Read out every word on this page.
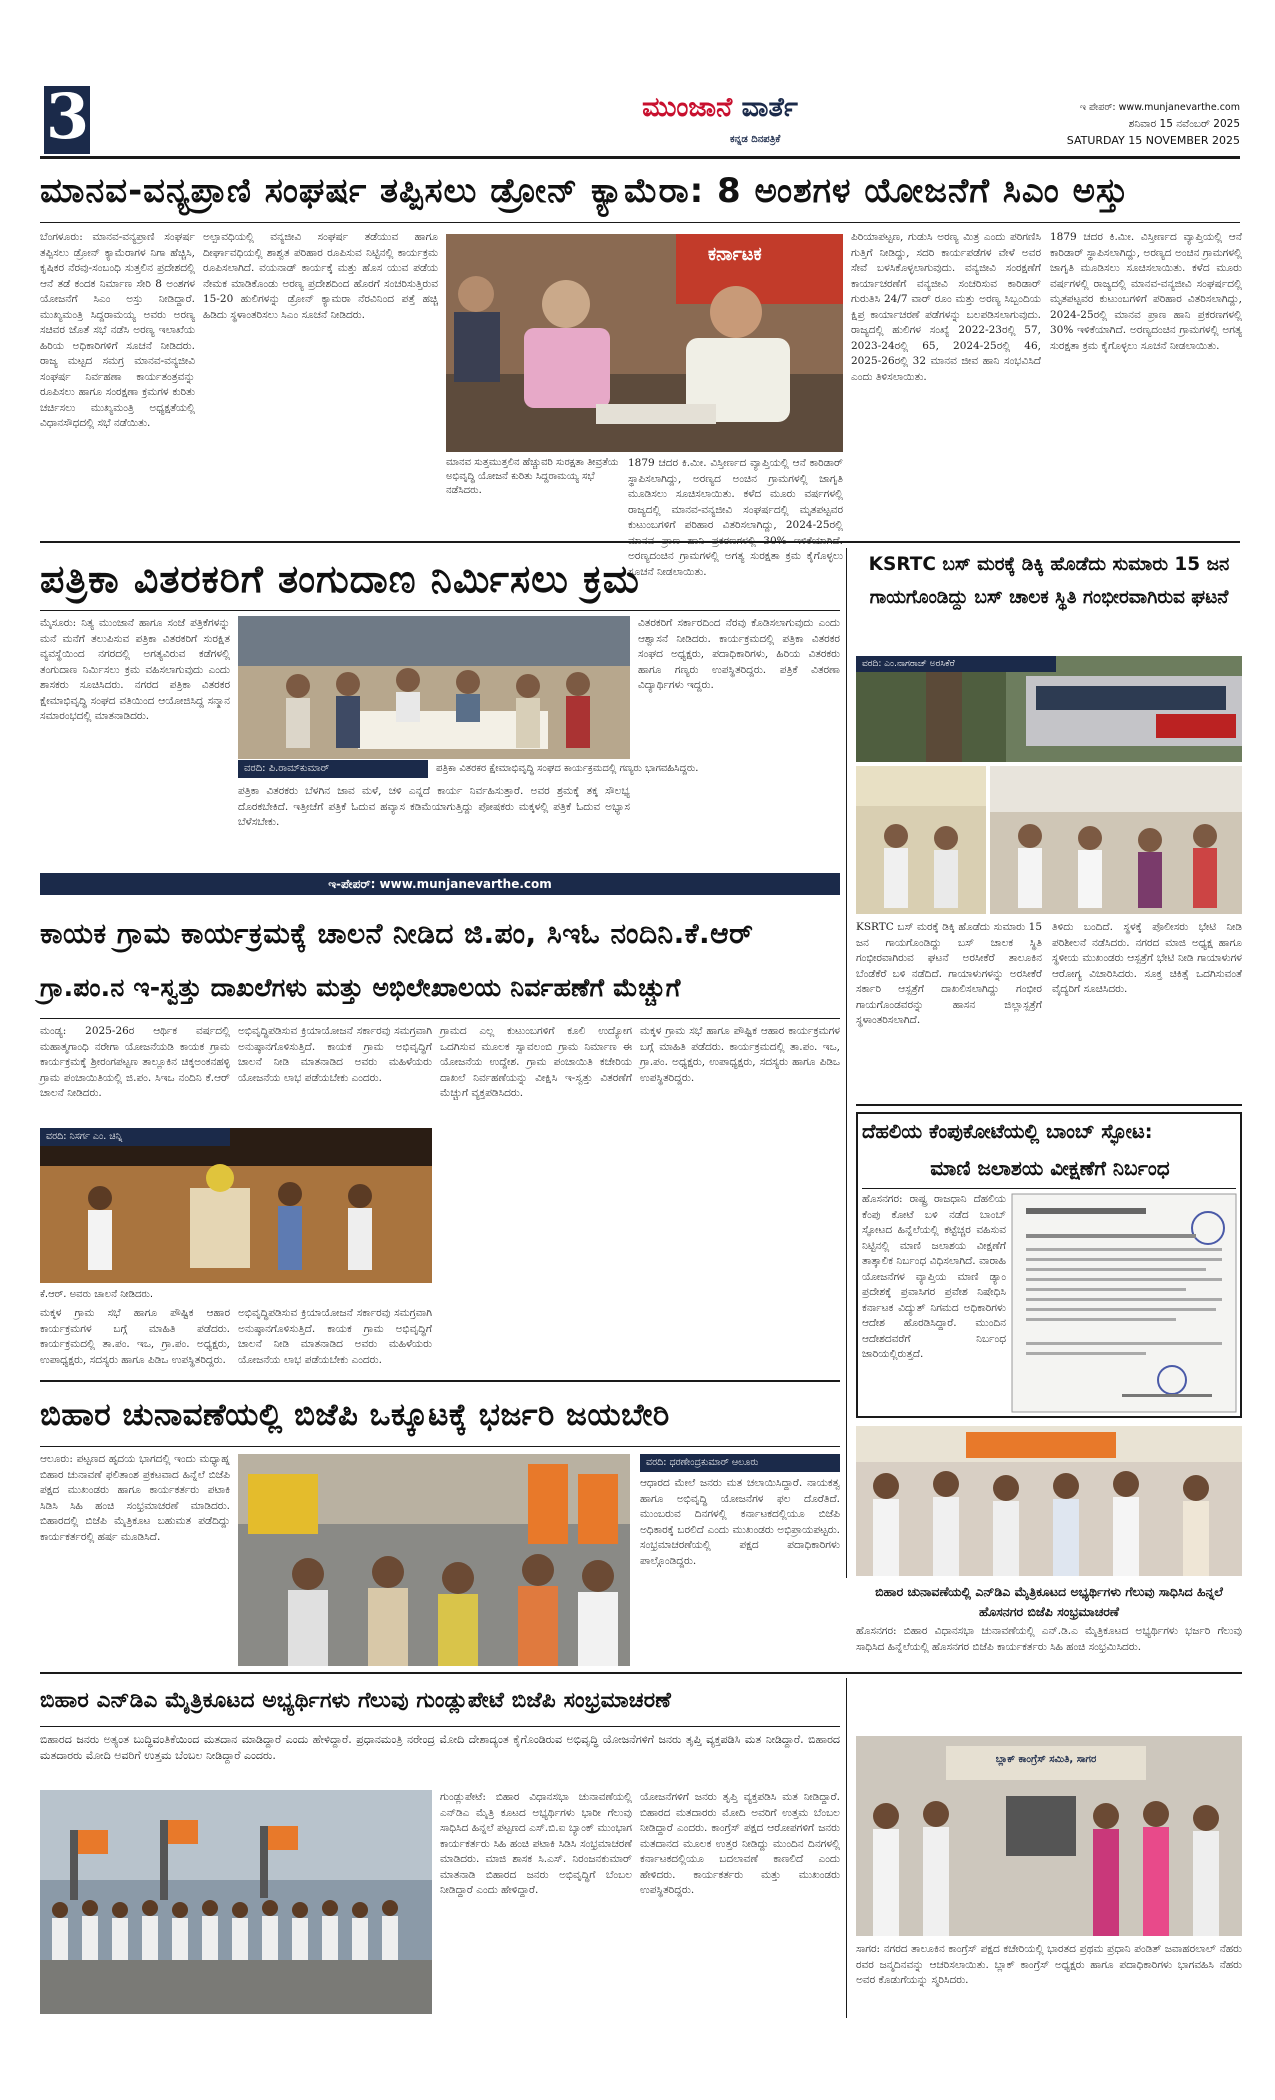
3	ಮುಂಜಾನೆ ವಾರ್ತೆ
ಕನ್ನಡ ದಿನಪತ್ರಿಕೆ
ಇ ಪೇಪರ್: www.munjanevarthe.com
ಶನಿವಾರ 15 ನವೆಂಬರ್ 2025
SATURDAY 15 NOVEMBER 2025
ಮಾನವ-ವನ್ಯಪ್ರಾಣಿ ಸಂಘರ್ಷ ತಪ್ಪಿಸಲು ಡ್ರೋನ್ ಕ್ಯಾಮೆರಾ: 8 ಅಂಶಗಳ ಯೋಜನೆಗೆ ಸಿಎಂ ಅಸ್ತು
ಬೆಂಗಳೂರು: ಮಾನವ-ವನ್ಯಪ್ರಾಣಿ ಸಂಘರ್ಷ ತಪ್ಪಿಸಲು ಡ್ರೋನ್ ಕ್ಯಾಮೆರಾಗಳ ನಿಗಾ ಹೆಚ್ಚಿಸಿ, ಕೃಷಿಕರ ನೆರವು-ಸಂಬಂಧಿ ಸುತ್ತಲಿನ ಪ್ರದೇಶದಲ್ಲಿ ಆನೆ ತಡೆ ಕಂದಕ ನಿರ್ಮಾಣ ಸೇರಿ 8 ಅಂಶಗಳ ಯೋಜನೆಗೆ ಸಿಎಂ ಅಸ್ತು ನೀಡಿದ್ದಾರೆ. ಮುಖ್ಯಮಂತ್ರಿ ಸಿದ್ದರಾಮಯ್ಯ ಅವರು ಅರಣ್ಯ ಸಚಿವರ ಜೊತೆ ಸಭೆ ನಡೆಸಿ ಅರಣ್ಯ ಇಲಾಖೆಯ ಹಿರಿಯ ಅಧಿಕಾರಿಗಳಿಗೆ ಸೂಚನೆ ನೀಡಿದರು. ರಾಜ್ಯ ಮಟ್ಟದ ಸಮಗ್ರ ಮಾನವ-ವನ್ಯಜೀವಿ ಸಂಘರ್ಷ ನಿರ್ವಹಣಾ ಕಾರ್ಯತಂತ್ರವನ್ನು ರೂಪಿಸಲು ಹಾಗೂ ಸಂರಕ್ಷಣಾ ಕ್ರಮಗಳ ಕುರಿತು ಚರ್ಚಿಸಲು ಮುಖ್ಯಮಂತ್ರಿ ಅಧ್ಯಕ್ಷತೆಯಲ್ಲಿ ವಿಧಾನಸೌಧದಲ್ಲಿ ಸಭೆ ನಡೆಯಿತು.
ಅಲ್ಪಾವಧಿಯಲ್ಲಿ ವನ್ಯಜೀವಿ ಸಂಘರ್ಷ ತಡೆಯುವ ಹಾಗೂ ದೀರ್ಘಾವಧಿಯಲ್ಲಿ ಶಾಶ್ವತ ಪರಿಹಾರ ರೂಪಿಸುವ ನಿಟ್ಟಿನಲ್ಲಿ ಕಾರ್ಯಕ್ರಮ ರೂಪಿಸಲಾಗಿದೆ. ವಯನಾಡ್ ಕಾರ್ಯಕ್ಕೆ ಮತ್ತು ಹೊಸ ಯುವ ಪಡೆಯ ನೇಮಕ ಮಾಡಿಕೊಂಡು ಅರಣ್ಯ ಪ್ರದೇಶದಿಂದ ಹೊರಗೆ ಸಂಚರಿಸುತ್ತಿರುವ 15-20 ಹುಲಿಗಳನ್ನು ಡ್ರೋನ್ ಕ್ಯಾಮರಾ ನೆರವಿನಿಂದ ಪತ್ತೆ ಹಚ್ಚಿ ಹಿಡಿದು ಸ್ಥಳಾಂತರಿಸಲು ಸಿಎಂ ಸೂಚನೆ ನೀಡಿದರು.
ಕರ್ನಾಟಕ
ಮಾನವ ಸುತ್ತಮುತ್ತಲಿನ ಹೆಚ್ಚುವರಿ ಸುರಕ್ಷತಾ ತೀವ್ರತೆಯ ಅಭಿವೃದ್ಧಿ ಯೋಜನೆ ಕುರಿತು ಸಿದ್ದರಾಮಯ್ಯ ಸಭೆ ನಡೆಸಿದರು.
1879 ಚದರ ಕಿ.ಮೀ. ವಿಸ್ತೀರ್ಣದ ವ್ಯಾಪ್ತಿಯಲ್ಲಿ ಆನೆ ಕಾರಿಡಾರ್ ಸ್ಥಾಪಿಸಲಾಗಿದ್ದು, ಅರಣ್ಯದ ಅಂಚಿನ ಗ್ರಾಮಗಳಲ್ಲಿ ಜಾಗೃತಿ ಮೂಡಿಸಲು ಸೂಚಿಸಲಾಯಿತು. ಕಳೆದ ಮೂರು ವರ್ಷಗಳಲ್ಲಿ ರಾಜ್ಯದಲ್ಲಿ ಮಾನವ-ವನ್ಯಜೀವಿ ಸಂಘರ್ಷದಲ್ಲಿ ಮೃತಪಟ್ಟವರ ಕುಟುಂಬಗಳಿಗೆ ಪರಿಹಾರ ವಿತರಿಸಲಾಗಿದ್ದು, 2024-25ರಲ್ಲಿ ಅರಣ್ಯದಂಚಿನ ಗ್ರಾಮಗಳಲ್ಲಿ ಅಗತ್ಯ ಸುರಕ್ಷತಾ ಕ್ರಮ ಕೈಗೊಳ್ಳಲು ಸೂಚನೆ ನೀಡಲಾಯಿತು.
ಪಿರಿಯಾಪಟ್ಟಣ, ಗುಡುಸಿ ಅರಣ್ಯ ಮಿತ್ರ ಎಂದು ಪರಿಗಣಿಸಿ ಗುತ್ತಿಗೆ ನೀಡಿದ್ದು, ಸದರಿ ಕಾರ್ಯಪಡೆಗಳ ವೇಳೆ ಅವರ ಸೇವೆ ಬಳಸಿಕೊಳ್ಳಲಾಗುವುದು. ವನ್ಯಜೀವಿ ಸಂರಕ್ಷಣೆಗೆ ಕಾರ್ಯಾಚರಣೆಗೆ ವನ್ಯಜೀವಿ ಸಂಚರಿಸುವ ಕಾರಿಡಾರ್ ಗುರುತಿಸಿ 24/7 ವಾರ್ ರೂಂ ಮತ್ತು ಅರಣ್ಯ ಸಿಬ್ಬಂದಿಯ ಕ್ಷಿಪ್ರ ಕಾರ್ಯಾಚರಣೆ ಪಡೆಗಳನ್ನು ಬಲಪಡಿಸಲಾಗುವುದು. ರಾಜ್ಯದಲ್ಲಿ ಹುಲಿಗಳ ಸಂಖ್ಯೆ 2022-23ರಲ್ಲಿ 57, 2023-24ರಲ್ಲಿ 65, 2024-25ರಲ್ಲಿ 46, 2025-26ರಲ್ಲಿ 32 ಮಾನವ ಜೀವ ಹಾನಿ ಸಂಭವಿಸಿದೆ ಎಂದು ತಿಳಿಸಲಾಯಿತು.
1879 ಚದರ ಕಿ.ಮೀ. ವಿಸ್ತೀರ್ಣದ ವ್ಯಾಪ್ತಿಯಲ್ಲಿ ಆನೆ ಕಾರಿಡಾರ್ ಸ್ಥಾಪಿಸಲಾಗಿದ್ದು, ಅರಣ್ಯದ ಅಂಚಿನ ಗ್ರಾಮಗಳಲ್ಲಿ ಜಾಗೃತಿ ಮೂಡಿಸಲು ಸೂಚಿಸಲಾಯಿತು. ಕಳೆದ ಮೂರು ವರ್ಷಗಳಲ್ಲಿ ರಾಜ್ಯದಲ್ಲಿ ಮಾನವ-ವನ್ಯಜೀವಿ ಸಂಘರ್ಷದಲ್ಲಿ ಮೃತಪಟ್ಟವರ ಕುಟುಂಬಗಳಿಗೆ ಪರಿಹಾರ ವಿತರಿಸಲಾಗಿದ್ದು, 2024-25ರಲ್ಲಿ ಮಾನವ ಪ್ರಾಣ ಹಾನಿ ಪ್ರಕರಣಗಳಲ್ಲಿ 30% ಇಳಿಕೆಯಾಗಿದೆ. ಅರಣ್ಯದಂಚಿನ ಗ್ರಾಮಗಳಲ್ಲಿ ಅಗತ್ಯ ಸುರಕ್ಷತಾ ಕ್ರಮ ಕೈಗೊಳ್ಳಲು ಸೂಚನೆ ನೀಡಲಾಯಿತು.
ಪತ್ರಿಕಾ ವಿತರಕರಿಗೆ ತಂಗುದಾಣ ನಿರ್ಮಿಸಲು ಕ್ರಮ
ಮೈಸೂರು: ನಿತ್ಯ ಮುಂಜಾನೆ ಹಾಗೂ ಸಂಜೆ ಪತ್ರಿಕೆಗಳನ್ನು ಮನೆ ಮನೆಗೆ ತಲುಪಿಸುವ ಪತ್ರಿಕಾ ವಿತರಕರಿಗೆ ಸುರಕ್ಷಿತ ವ್ಯವಸ್ಥೆಯಿಂದ ನಗರದಲ್ಲಿ ಅಗತ್ಯವಿರುವ ಕಡೆಗಳಲ್ಲಿ ತಂಗುದಾಣ ನಿರ್ಮಿಸಲು ಕ್ರಮ ವಹಿಸಲಾಗುವುದು ಎಂದು ಶಾಸಕರು ಸೂಚಿಸಿದರು. ನಗರದ ಪತ್ರಿಕಾ ವಿತರಕರ ಕ್ಷೇಮಾಭಿವೃದ್ಧಿ ಸಂಘದ ವತಿಯಿಂದ ಆಯೋಜಿಸಿದ್ದ ಸನ್ಮಾನ ಸಮಾರಂಭದಲ್ಲಿ ಮಾತನಾಡಿದರು.
ವರದಿ: ಪಿ.ರಾಮ್‌ಕುಮಾರ್	ಪತ್ರಿಕಾ ವಿತರಕರ ಕ್ಷೇಮಾಭಿವೃದ್ಧಿ ಸಂಘದ ಕಾರ್ಯಕ್ರಮದಲ್ಲಿ ಗಣ್ಯರು ಭಾಗವಹಿಸಿದ್ದರು.
ಪತ್ರಿಕಾ ವಿತರಕರು ಬೆಳಗಿನ ಜಾವ ಮಳೆ, ಚಳಿ ಎನ್ನದೆ ಕಾರ್ಯ ನಿರ್ವಹಿಸುತ್ತಾರೆ. ಅವರ ಶ್ರಮಕ್ಕೆ ತಕ್ಕ ಸೌಲಭ್ಯ ದೊರಕಬೇಕಿದೆ. ಇತ್ತೀಚೆಗೆ ಪತ್ರಿಕೆ ಓದುವ ಹವ್ಯಾಸ ಕಡಿಮೆಯಾಗುತ್ತಿದ್ದು ಪೋಷಕರು ಮಕ್ಕಳಲ್ಲಿ ಪತ್ರಿಕೆ ಓದುವ ಅಭ್ಯಾಸ ಬೆಳೆಸಬೇಕು.
ವಿತರಕರಿಗೆ ಸರ್ಕಾರದಿಂದ ನೆರವು ಕೊಡಿಸಲಾಗುವುದು ಎಂದು ಆಶ್ವಾಸನೆ ನೀಡಿದರು. ಕಾರ್ಯಕ್ರಮದಲ್ಲಿ ಪತ್ರಿಕಾ ವಿತರಕರ ಸಂಘದ ಅಧ್ಯಕ್ಷರು, ಪದಾಧಿಕಾರಿಗಳು, ಹಿರಿಯ ವಿತರಕರು ಹಾಗೂ ಗಣ್ಯರು ಉಪಸ್ಥಿತರಿದ್ದರು. ಪತ್ರಿಕೆ ವಿತರಣಾ ವಿದ್ಯಾರ್ಥಿಗಳು ಇದ್ದರು.
ಇ-ಪೇಪರ್: www.munjanevarthe.com
KSRTC ಬಸ್ ಮರಕ್ಕೆ ಡಿಕ್ಕಿ ಹೊಡೆದು ಸುಮಾರು 15 ಜನ ಗಾಯಗೊಂಡಿದ್ದು ಬಸ್ ಚಾಲಕ ಸ್ಥಿತಿ ಗಂಭೀರವಾಗಿರುವ ಘಟನೆ
ವರದಿ: ಎಂ.ನಾಗರಾಜ್ ಅರಸಿಕೆರೆ
KSRTC ಬಸ್ ಮರಕ್ಕೆ ಡಿಕ್ಕಿ ಹೊಡೆದು ಸುಮಾರು 15 ಜನ ಗಾಯಗೊಂಡಿದ್ದು ಬಸ್ ಚಾಲಕ ಸ್ಥಿತಿ ಗಂಭೀರವಾಗಿರುವ ಘಟನೆ ಅರಸೀಕೆರೆ ತಾಲೂಕಿನ ಬೆಂಡೆಕೆರೆ ಬಳಿ ನಡೆದಿದೆ. ಗಾಯಾಳುಗಳನ್ನು ಅರಸೀಕೆರೆ ಸರ್ಕಾರಿ ಆಸ್ಪತ್ರೆಗೆ ದಾಖಲಿಸಲಾಗಿದ್ದು ಗಂಭೀರ ಗಾಯಗೊಂಡವರನ್ನು ಹಾಸನ ಜಿಲ್ಲಾಸ್ಪತ್ರೆಗೆ ಸ್ಥಳಾಂತರಿಸಲಾಗಿದೆ.
ತಿಳಿದು ಬಂದಿದೆ. ಸ್ಥಳಕ್ಕೆ ಪೊಲೀಸರು ಭೇಟಿ ನೀಡಿ ಪರಿಶೀಲನೆ ನಡೆಸಿದರು. ನಗರದ ಮಾಜಿ ಅಧ್ಯಕ್ಷ ಹಾಗೂ ಸ್ಥಳೀಯ ಮುಖಂಡರು ಆಸ್ಪತ್ರೆಗೆ ಭೇಟಿ ನೀಡಿ ಗಾಯಾಳುಗಳ ಆರೋಗ್ಯ ವಿಚಾರಿಸಿದರು. ಸೂಕ್ತ ಚಿಕಿತ್ಸೆ ಒದಗಿಸುವಂತೆ ವೈದ್ಯರಿಗೆ ಸೂಚಿಸಿದರು.
ಕಾಯಕ ಗ್ರಾಮ ಕಾರ್ಯಕ್ರಮಕ್ಕೆ ಚಾಲನೆ ನೀಡಿದ ಜಿ.ಪಂ, ಸಿಇಓ ನಂದಿನಿ.ಕೆ.ಆರ್
ಗ್ರಾ.ಪಂ.ನ ಇ-ಸ್ವತ್ತು ದಾಖಲೆಗಳು ಮತ್ತು ಅಭಿಲೇಖಾಲಯ ನಿರ್ವಹಣೆಗೆ ಮೆಚ್ಚುಗೆ
ಮಂಡ್ಯ: 2025-26ರ ಆರ್ಥಿಕ ವರ್ಷದಲ್ಲಿ ಮಹಾತ್ಮಗಾಂಧಿ ನರೇಗಾ ಯೋಜನೆಯಡಿ ಕಾಯಕ ಗ್ರಾಮ ಕಾರ್ಯಕ್ರಮಕ್ಕೆ ಶ್ರೀರಂಗಪಟ್ಟಣ ತಾಲ್ಲೂಕಿನ ಚಿಕ್ಕಅಂಕನಹಳ್ಳಿ ಗ್ರಾಮ ಪಂಚಾಯಿತಿಯಲ್ಲಿ ಜಿ.ಪಂ. ಸಿಇಒ ನಂದಿನಿ ಕೆ.ಆರ್ ಚಾಲನೆ ನೀಡಿದರು.
ವರದಿ: ನಿಸರ್ಗ ಎಂ. ಚಿನ್ನಿ
ಕೆ.ಆರ್. ಅವರು ಚಾಲನೆ ನೀಡಿದರು.
ಮಕ್ಕಳ ಗ್ರಾಮ ಸಭೆ ಹಾಗೂ ಪೌಷ್ಟಿಕ ಆಹಾರ ಕಾರ್ಯಕ್ರಮಗಳ ಬಗ್ಗೆ ಮಾಹಿತಿ ಪಡೆದರು. ಕಾರ್ಯಕ್ರಮದಲ್ಲಿ ತಾ.ಪಂ. ಇಒ, ಗ್ರಾ.ಪಂ. ಅಧ್ಯಕ್ಷರು, ಉಪಾಧ್ಯಕ್ಷರು, ಸದಸ್ಯರು ಹಾಗೂ ಪಿಡಿಒ ಉಪಸ್ಥಿತರಿದ್ದರು.
ಅಭಿವೃದ್ಧಿಪಡಿಸುವ ಕ್ರಿಯಾಯೋಜನೆ ಸರ್ಕಾರವು ಸಮಗ್ರವಾಗಿ ಅನುಷ್ಠಾನಗೊಳಿಸುತ್ತಿದೆ. ಕಾಯಕ ಗ್ರಾಮ ಅಭಿವೃದ್ಧಿಗೆ ಚಾಲನೆ ನೀಡಿ ಮಾತನಾಡಿದ ಅವರು ಮಹಿಳೆಯರು ಯೋಜನೆಯ ಲಾಭ ಪಡೆಯಬೇಕು ಎಂದರು.
ಅಭಿವೃದ್ಧಿಪಡಿಸುವ ಕ್ರಿಯಾಯೋಜನೆ ಸರ್ಕಾರವು ಸಮಗ್ರವಾಗಿ ಅನುಷ್ಠಾನಗೊಳಿಸುತ್ತಿದೆ. ಕಾಯಕ ಗ್ರಾಮ ಅಭಿವೃದ್ಧಿಗೆ ಚಾಲನೆ ನೀಡಿ ಮಾತನಾಡಿದ ಅವರು ಮಹಿಳೆಯರು ಯೋಜನೆಯ ಲಾಭ ಪಡೆಯಬೇಕು ಎಂದರು.
ಗ್ರಾಮದ ಎಲ್ಲ ಕುಟುಂಬಗಳಿಗೆ ಕೂಲಿ ಉದ್ಯೋಗ ಒದಗಿಸುವ ಮೂಲಕ ಸ್ವಾವಲಂಬಿ ಗ್ರಾಮ ನಿರ್ಮಾಣ ಈ ಯೋಜನೆಯ ಉದ್ದೇಶ. ಗ್ರಾಮ ಪಂಚಾಯಿತಿ ಕಚೇರಿಯ ದಾಖಲೆ ನಿರ್ವಹಣೆಯನ್ನು ವೀಕ್ಷಿಸಿ ಇ-ಸ್ವತ್ತು ವಿತರಣೆಗೆ ಮೆಚ್ಚುಗೆ ವ್ಯಕ್ತಪಡಿಸಿದರು.
ಮಕ್ಕಳ ಗ್ರಾಮ ಸಭೆ ಹಾಗೂ ಪೌಷ್ಟಿಕ ಆಹಾರ ಕಾರ್ಯಕ್ರಮಗಳ ಬಗ್ಗೆ ಮಾಹಿತಿ ಪಡೆದರು. ಕಾರ್ಯಕ್ರಮದಲ್ಲಿ ತಾ.ಪಂ. ಇಒ, ಗ್ರಾ.ಪಂ. ಅಧ್ಯಕ್ಷರು, ಉಪಾಧ್ಯಕ್ಷರು, ಸದಸ್ಯರು ಹಾಗೂ ಪಿಡಿಒ ಉಪಸ್ಥಿತರಿದ್ದರು.
ದೆಹಲಿಯ ಕೆಂಪುಕೋಟೆಯಲ್ಲಿ ಬಾಂಬ್ ಸ್ಫೋಟ:
ಮಾಣಿ ಜಲಾಶಯ ವೀಕ್ಷಣೆಗೆ ನಿರ್ಬಂಧ
ಹೊಸನಗರ: ರಾಷ್ಟ್ರ ರಾಜಧಾನಿ ದೆಹಲಿಯ ಕೆಂಪು ಕೋಟೆ ಬಳಿ ನಡೆದ ಬಾಂಬ್ ಸ್ಫೋಟದ ಹಿನ್ನೆಲೆಯಲ್ಲಿ ಕಟ್ಟೆಚ್ಚರ ವಹಿಸುವ ನಿಟ್ಟಿನಲ್ಲಿ ಮಾಣಿ ಜಲಾಶಯ ವೀಕ್ಷಣೆಗೆ ತಾತ್ಕಾಲಿಕ ನಿರ್ಬಂಧ ವಿಧಿಸಲಾಗಿದೆ. ವಾರಾಹಿ ಯೋಜನೆಗಳ ವ್ಯಾಪ್ತಿಯ ಮಾಣಿ ಡ್ಯಾಂ ಪ್ರದೇಶಕ್ಕೆ ಪ್ರವಾಸಿಗರ ಪ್ರವೇಶ ನಿಷೇಧಿಸಿ ಕರ್ನಾಟಕ ವಿದ್ಯುತ್ ನಿಗಮದ ಅಧಿಕಾರಿಗಳು ಆದೇಶ ಹೊರಡಿಸಿದ್ದಾರೆ. ಮುಂದಿನ ಆದೇಶದವರೆಗೆ ನಿರ್ಬಂಧ ಜಾರಿಯಲ್ಲಿರುತ್ತದೆ.
ಬಿಹಾರ ಚುನಾವಣೆಯಲ್ಲಿ ಬಿಜೆಪಿ ಒಕ್ಕೂಟಕ್ಕೆ ಭರ್ಜರಿ ಜಯಬೇರಿ
ಆಲೂರು: ಪಟ್ಟಣದ ಹೃದಯ ಭಾಗದಲ್ಲಿ ಇಂದು ಮಧ್ಯಾಹ್ನ ಬಿಹಾರ ಚುನಾವಣೆ ಫಲಿತಾಂಶ ಪ್ರಕಟವಾದ ಹಿನ್ನೆಲೆ ಬಿಜೆಪಿ ಪಕ್ಷದ ಮುಖಂಡರು ಹಾಗೂ ಕಾರ್ಯಕರ್ತರು ಪಟಾಕಿ ಸಿಡಿಸಿ ಸಿಹಿ ಹಂಚಿ ಸಂಭ್ರಮಾಚರಣೆ ಮಾಡಿದರು. ಬಿಹಾರದಲ್ಲಿ ಬಿಜೆಪಿ ಮೈತ್ರಿಕೂಟ ಬಹುಮತ ಪಡೆದಿದ್ದು ಕಾರ್ಯಕರ್ತರಲ್ಲಿ ಹರ್ಷ ಮೂಡಿಸಿದೆ.
ವರದಿ: ಧರಣೇಂದ್ರಕುಮಾರ್ ಆಲೂರು
ಆಧಾರದ ಮೇಲೆ ಜನರು ಮತ ಚಲಾಯಿಸಿದ್ದಾರೆ. ನಾಯಕತ್ವ ಹಾಗೂ ಅಭಿವೃದ್ಧಿ ಯೋಜನೆಗಳ ಫಲ ದೊರೆತಿದೆ. ಮುಂಬರುವ ದಿನಗಳಲ್ಲಿ ಕರ್ನಾಟಕದಲ್ಲಿಯೂ ಬಿಜೆಪಿ ಅಧಿಕಾರಕ್ಕೆ ಬರಲಿದೆ ಎಂದು ಮುಖಂಡರು ಅಭಿಪ್ರಾಯಪಟ್ಟರು. ಸಂಭ್ರಮಾಚರಣೆಯಲ್ಲಿ ಪಕ್ಷದ ಪದಾಧಿಕಾರಿಗಳು ಪಾಲ್ಗೊಂಡಿದ್ದರು.
ಬಿಹಾರ ಚುನಾವಣೆಯಲ್ಲಿ ಎನ್‌ಡಿಎ ಮೈತ್ರಿಕೂಟದ ಅಭ್ಯರ್ಥಿಗಳು ಗೆಲುವು ಸಾಧಿಸಿದ ಹಿನ್ನಲೆ ಹೊಸನಗರ ಬಿಜೆಪಿ ಸಂಭ್ರಮಾಚರಣೆ
ಹೊಸನಗರ: ಬಿಹಾರ ವಿಧಾನಸಭಾ ಚುನಾವಣೆಯಲ್ಲಿ ಎನ್.ಡಿ.ಎ ಮೈತ್ರಿಕೂಟದ ಅಭ್ಯರ್ಥಿಗಳು ಭರ್ಜರಿ ಗೆಲುವು ಸಾಧಿಸಿದ ಹಿನ್ನೆಲೆಯಲ್ಲಿ ಹೊಸನಗರ ಬಿಜೆಪಿ ಕಾರ್ಯಕರ್ತರು ಸಿಹಿ ಹಂಚಿ ಸಂಭ್ರಮಿಸಿದರು.
ಬಿಹಾರ ಎನ್‌ಡಿಎ ಮೈತ್ರಿಕೂಟದ ಅಭ್ಯರ್ಥಿಗಳು ಗೆಲುವು ಗುಂಡ್ಲುಪೇಟೆ ಬಿಜೆಪಿ ಸಂಭ್ರಮಾಚರಣೆ
ಬಿಹಾರದ ಜನರು ಅತ್ಯಂತ ಬುದ್ಧಿವಂತಿಕೆಯಿಂದ ಮತದಾನ ಮಾಡಿದ್ದಾರೆ ಎಂದು ಹೇಳಿದ್ದಾರೆ. ಪ್ರಧಾನಮಂತ್ರಿ ನರೇಂದ್ರ ಮೋದಿ ದೇಶಾದ್ಯಂತ ಕೈಗೊಂಡಿರುವ ಅಭಿವೃದ್ಧಿ ಯೋಜನೆಗಳಿಗೆ ಜನರು ತೃಪ್ತಿ ವ್ಯಕ್ತಪಡಿಸಿ ಮತ ನೀಡಿದ್ದಾರೆ. ಬಿಹಾರದ ಮತದಾರರು ಮೋದಿ ಅವರಿಗೆ ಉತ್ತಮ ಬೆಂಬಲ ನೀಡಿದ್ದಾರೆ ಎಂದರು.
ಗುಂಡ್ಲುಪೇಟೆ: ಬಿಹಾರ ವಿಧಾನಸಭಾ ಚುನಾವಣೆಯಲ್ಲಿ ಎನ್‌ಡಿಎ ಮೈತ್ರಿ ಕೂಟದ ಅಭ್ಯರ್ಥಿಗಳು ಭಾರೀ ಗೆಲುವು ಸಾಧಿಸಿದ ಹಿನ್ನಲೆ ಪಟ್ಟಣದ ಎಸ್.ಬಿ.ಐ ಬ್ಯಾಂಕ್ ಮುಂಭಾಗ ಕಾರ್ಯಕರ್ತರು ಸಿಹಿ ಹಂಚಿ ಪಟಾಕಿ ಸಿಡಿಸಿ ಸಂಭ್ರಮಾಚರಣೆ ಮಾಡಿದರು. ಮಾಜಿ ಶಾಸಕ ಸಿ.ಎಸ್. ನಿರಂಜನಕುಮಾರ್ ಮಾತನಾಡಿ ಬಿಹಾರದ ಜನರು ಅಭಿವೃದ್ಧಿಗೆ ಬೆಂಬಲ ನೀಡಿದ್ದಾರೆ ಎಂದು ಹೇಳಿದ್ದಾರೆ.
ಯೋಜನೆಗಳಿಗೆ ಜನರು ತೃಪ್ತಿ ವ್ಯಕ್ತಪಡಿಸಿ ಮತ ನೀಡಿದ್ದಾರೆ. ಬಿಹಾರದ ಮತದಾರರು ಮೋದಿ ಅವರಿಗೆ ಉತ್ತಮ ಬೆಂಬಲ ನೀಡಿದ್ದಾರೆ ಎಂದರು. ಕಾಂಗ್ರೆಸ್ ಪಕ್ಷದ ಆರೋಪಗಳಿಗೆ ಜನರು ಮತದಾನದ ಮೂಲಕ ಉತ್ತರ ನೀಡಿದ್ದು ಮುಂದಿನ ದಿನಗಳಲ್ಲಿ ಕರ್ನಾಟಕದಲ್ಲಿಯೂ ಬದಲಾವಣೆ ಕಾಣಲಿದೆ ಎಂದು ಹೇಳಿದರು. ಕಾರ್ಯಕರ್ತರು ಮತ್ತು ಮುಖಂಡರು ಉಪಸ್ಥಿತರಿದ್ದರು.
ಬ್ಲಾಕ್ ಕಾಂಗ್ರೆಸ್ ಸಮಿತಿ, ಸಾಗರ
ಸಾಗರ: ನಗರದ ತಾಲೂಕಿನ ಕಾಂಗ್ರೆಸ್ ಪಕ್ಷದ ಕಚೇರಿಯಲ್ಲಿ ಭಾರತದ ಪ್ರಥಮ ಪ್ರಧಾನಿ ಪಂಡಿತ್ ಜವಾಹರಲಾಲ್ ನೆಹರು ರವರ ಜನ್ಮದಿನವನ್ನು ಆಚರಿಸಲಾಯಿತು. ಬ್ಲಾಕ್ ಕಾಂಗ್ರೆಸ್ ಅಧ್ಯಕ್ಷರು ಹಾಗೂ ಪದಾಧಿಕಾರಿಗಳು ಭಾಗವಹಿಸಿ ನೆಹರು ಅವರ ಕೊಡುಗೆಯನ್ನು ಸ್ಮರಿಸಿದರು.
